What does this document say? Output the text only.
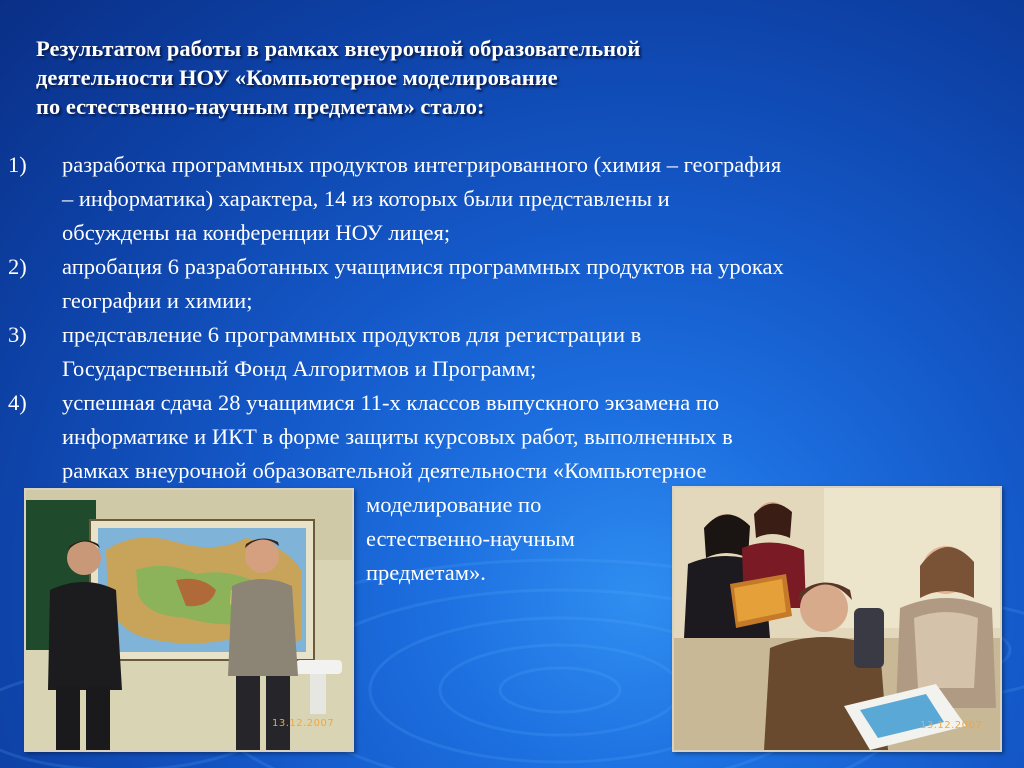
Результатом работы в рамках внеурочной образовательной
деятельности НОУ «Компьютерное моделирование
по естественно-научным предметам» стало:
1)	разработка программных продуктов интегрированного (химия – география
– информатика) характера, 14 из которых были представлены и
обсуждены на конференции НОУ лицея;
2)	апробация 6 разработанных учащимися программных продуктов на уроках
географии и химии;
3)	представление 6 программных продуктов для регистрации в
Государственный Фонд Алгоритмов и Программ;
4)	успешная сдача 28 учащимися 11-х классов выпускного экзамена по
информатике и ИКТ в форме защиты курсовых работ, выполненных в
рамках внеурочной образовательной деятельности «Компьютерное
моделирование по
естественно-научным
предметам».
13.12.2007	13.12.2007
